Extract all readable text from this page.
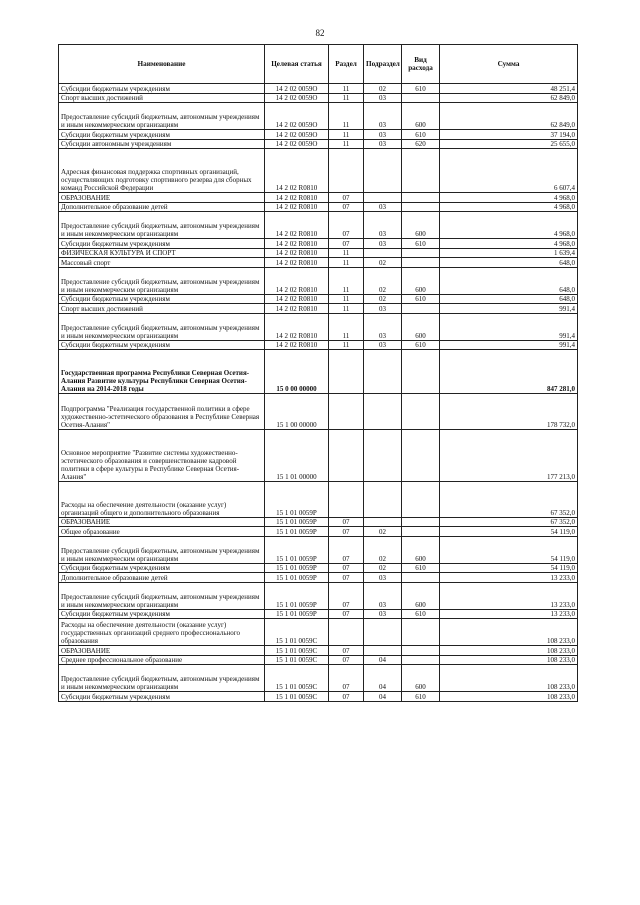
82
Наименование	Целевая статья	Раздел	Подраздел	Вид расхода	Сумма
Субсидии бюджетным учреждениям	14 2 02 0059О	11	02	610	48 251,4
Спорт высших достижений	14 2 02 0059О	11	03		62 849,0
Предоставление субсидий бюджетным, автономным учреждениям и иным некоммерческим организациям	14 2 02 0059О	11	03	600	62 849,0
Субсидии бюджетным учреждениям	14 2 02 0059О	11	03	610	37 194,0
Субсидии автономным учреждениям	14 2 02 0059О	11	03	620	25 655,0
Адресная финансовая поддержка спортивных организаций, осуществляющих подготовку спортивного резерва для сборных команд Российской Федерации	14 2 02 R0810				6 607,4
ОБРАЗОВАНИЕ	14 2 02 R0810	07			4 968,0
Дополнительное образование детей	14 2 02 R0810	07	03		4 968,0
Предоставление субсидий бюджетным, автономным учреждениям и иным некоммерческим организациям	14 2 02 R0810	07	03	600	4 968,0
Субсидии бюджетным учреждениям	14 2 02 R0810	07	03	610	4 968,0
ФИЗИЧЕСКАЯ КУЛЬТУРА И СПОРТ	14 2 02 R0810	11			1 639,4
Массовый спорт	14 2 02 R0810	11	02		648,0
Предоставление субсидий бюджетным, автономным учреждениям и иным некоммерческим организациям	14 2 02 R0810	11	02	600	648,0
Субсидии бюджетным учреждениям	14 2 02 R0810	11	02	610	648,0
Спорт высших достижений	14 2 02 R0810	11	03		991,4
Предоставление субсидий бюджетным, автономным учреждениям и иным некоммерческим организациям	14 2 02 R0810	11	03	600	991,4
Субсидии бюджетным учреждениям	14 2 02 R0810	11	03	610	991,4
Государственная программа Республики Северная Осетия-Алания Развитие культуры Республики Северная Осетия-Алания на 2014-2018 годы	15 0 00 00000				847 281,0
Подпрограмма "Реализация государственной политики в сфере художественно-эстетического образования в Республике Северная Осетия-Алания"	15 1 00 00000				178 732,0
Основное мероприятие "Развитие системы художественно-эстетического образования и совершенствование кадровой политики в сфере культуры в Республике Северная Осетия-Алания"	15 1 01 00000				177 213,0
Расходы на обеспечение деятельности (оказание услуг) организаций общего и дополнительного образования	15 1 01 0059Р				67 352,0
ОБРАЗОВАНИЕ	15 1 01 0059Р	07			67 352,0
Общее образование	15 1 01 0059Р	07	02		54 119,0
Предоставление субсидий бюджетным, автономным учреждениям и иным некоммерческим организациям	15 1 01 0059Р	07	02	600	54 119,0
Субсидии бюджетным учреждениям	15 1 01 0059Р	07	02	610	54 119,0
Дополнительное образование детей	15 1 01 0059Р	07	03		13 233,0
Предоставление субсидий бюджетным, автономным учреждениям и иным некоммерческим организациям	15 1 01 0059Р	07	03	600	13 233,0
Субсидии бюджетным учреждениям	15 1 01 0059Р	07	03	610	13 233,0
Расходы на обеспечение деятельности (оказание услуг) государственных организаций среднего профессионального образования	15 1 01 0059С				108 233,0
ОБРАЗОВАНИЕ	15 1 01 0059С	07			108 233,0
Среднее профессиональное образование	15 1 01 0059С	07	04		108 233,0
Предоставление субсидий бюджетным, автономным учреждениям и иным некоммерческим организациям	15 1 01 0059С	07	04	600	108 233,0
Субсидии бюджетным учреждениям	15 1 01 0059С	07	04	610	108 233,0
